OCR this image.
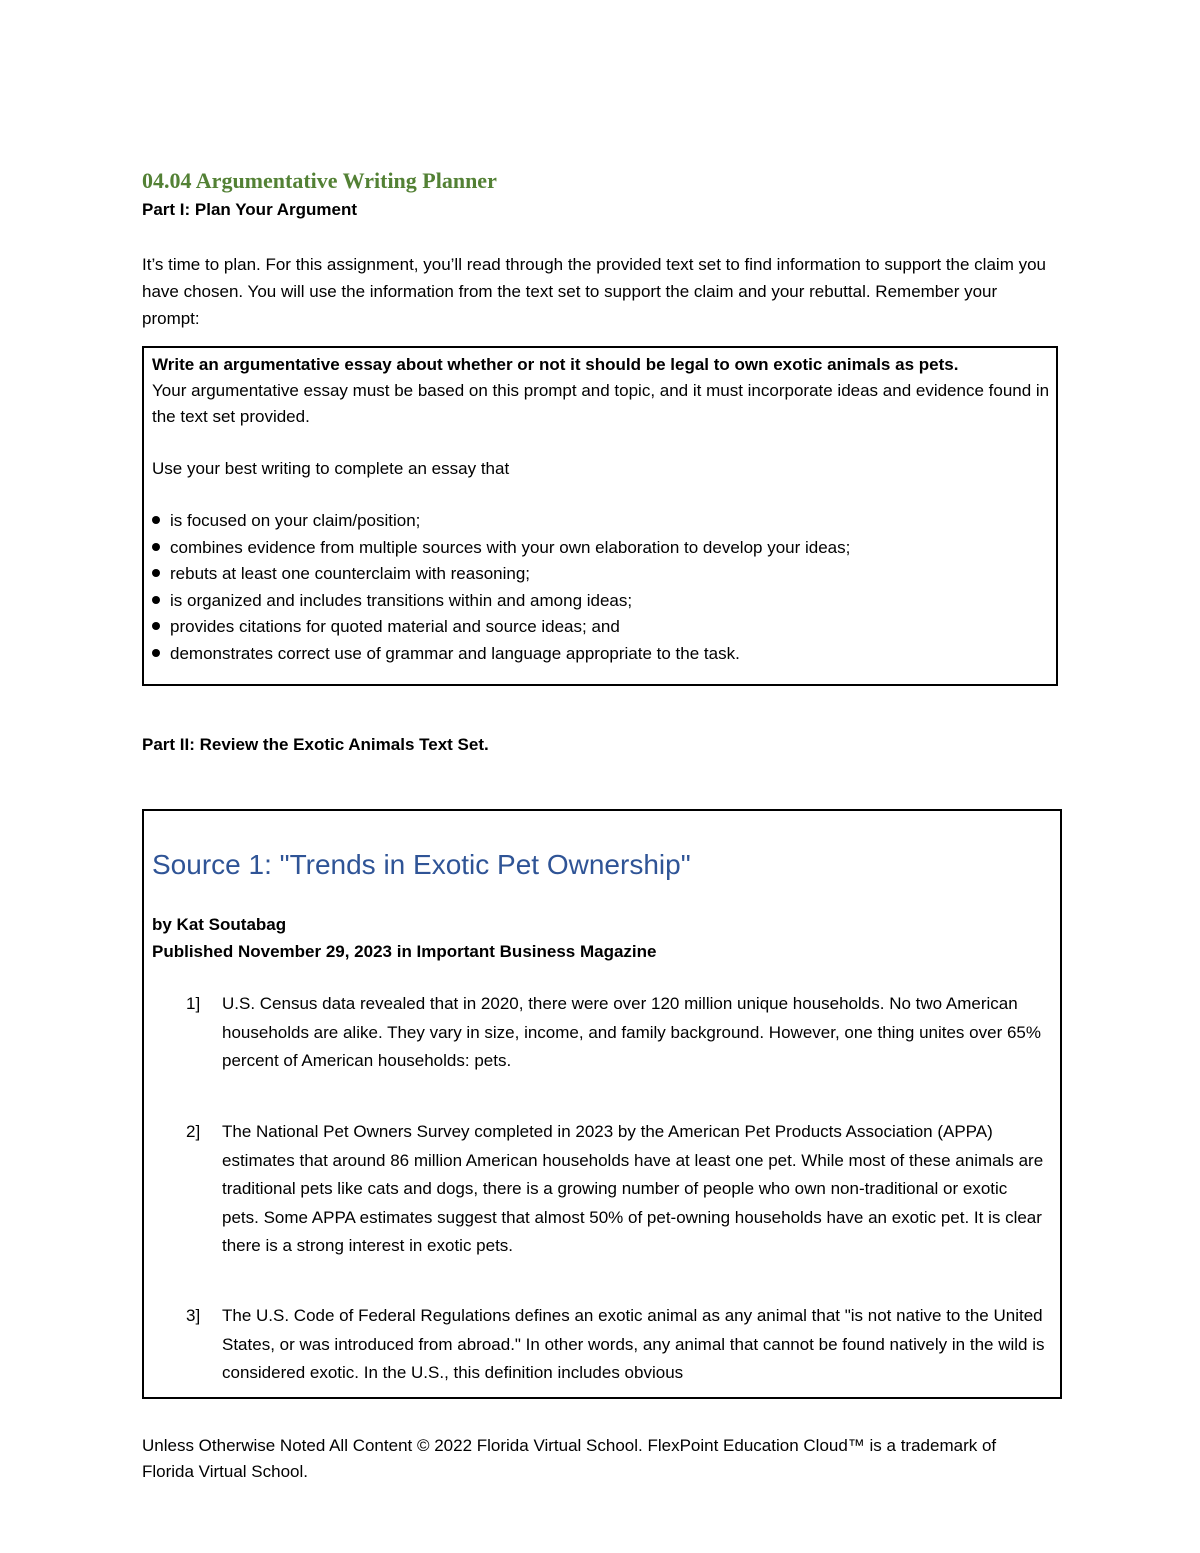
04.04 Argumentative Writing Planner
Part I: Plan Your Argument

It’s time to plan. For this assignment, you’ll read through the provided text set to find information to support the claim you have chosen. You will use the information from the text set to support the claim and your rebuttal. Remember your prompt:

Write an argumentative essay about whether or not it should be legal to own exotic animals as pets.

Your argumentative essay must be based on this prompt and topic, and it must incorporate ideas and evidence found in the text set provided.

Use your best writing to complete an essay that

is focused on your claim/position;
combines evidence from multiple sources with your own elaboration to develop your ideas;
rebuts at least one counterclaim with reasoning;
is organized and includes transitions within and among ideas;
provides citations for quoted material and source ideas; and
demonstrates correct use of grammar and language appropriate to the task.
Part II: Review the Exotic Animals Text Set.
Source 1: "Trends in Exotic Pet Ownership"
by Kat Soutabag
Published November 29, 2023 in Important Business Magazine
1]	U.S. Census data revealed that in 2020, there were over 120 million unique households. No two American households are alike. They vary in size, income, and family background. However, one thing unites over 65% percent of American households: pets.
2]	The National Pet Owners Survey completed in 2023 by the American Pet Products Association (APPA) estimates that around 86 million American households have at least one pet. While most of these animals are traditional pets like cats and dogs, there is a growing number of people who own non-traditional or exotic pets. Some APPA estimates suggest that almost 50% of pet-owning households have an exotic pet. It is clear there is a strong interest in exotic pets.
3]	The U.S. Code of Federal Regulations defines an exotic animal as any animal that "is not native to the United States, or was introduced from abroad." In other words, any animal that cannot be found natively in the wild is considered exotic. In the U.S., this definition includes obvious

Unless Otherwise Noted All Content © 2022 Florida Virtual School. FlexPoint Education Cloud™ is a trademark of Florida Virtual School.
